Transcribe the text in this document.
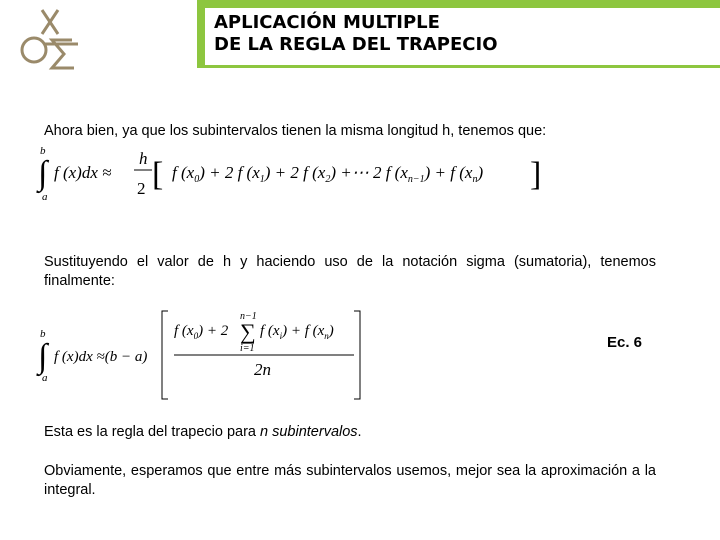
APLICACIÓN MULTIPLE
DE LA REGLA DEL TRAPECIO
Ahora bien, ya que los subintervalos tienen la misma longitud h, tenemos que:
b
∫
a
f (x)dx ≈
h
2 [ f $(x_0) + 2$ f $(x_1) + 2$ f $(x_2)$ +⋯ 2 f $(x_{n-1}) + f$ $(x_n)$ ]
Sustituyendo el valor de h y haciendo uso de la notación sigma (sumatoria), tenemos finalmente:
b
∫
a
f (x)dx ≈(b − a)
f $(x_0) + 2$
n−1
∑
i=1
f $(x_i) + f$ $(x_n)$
2n
Ec. 6
Esta es la regla del trapecio para n subintervalos.
Obviamente, esperamos que entre más subintervalos usemos, mejor sea la aproximación a la integral.
